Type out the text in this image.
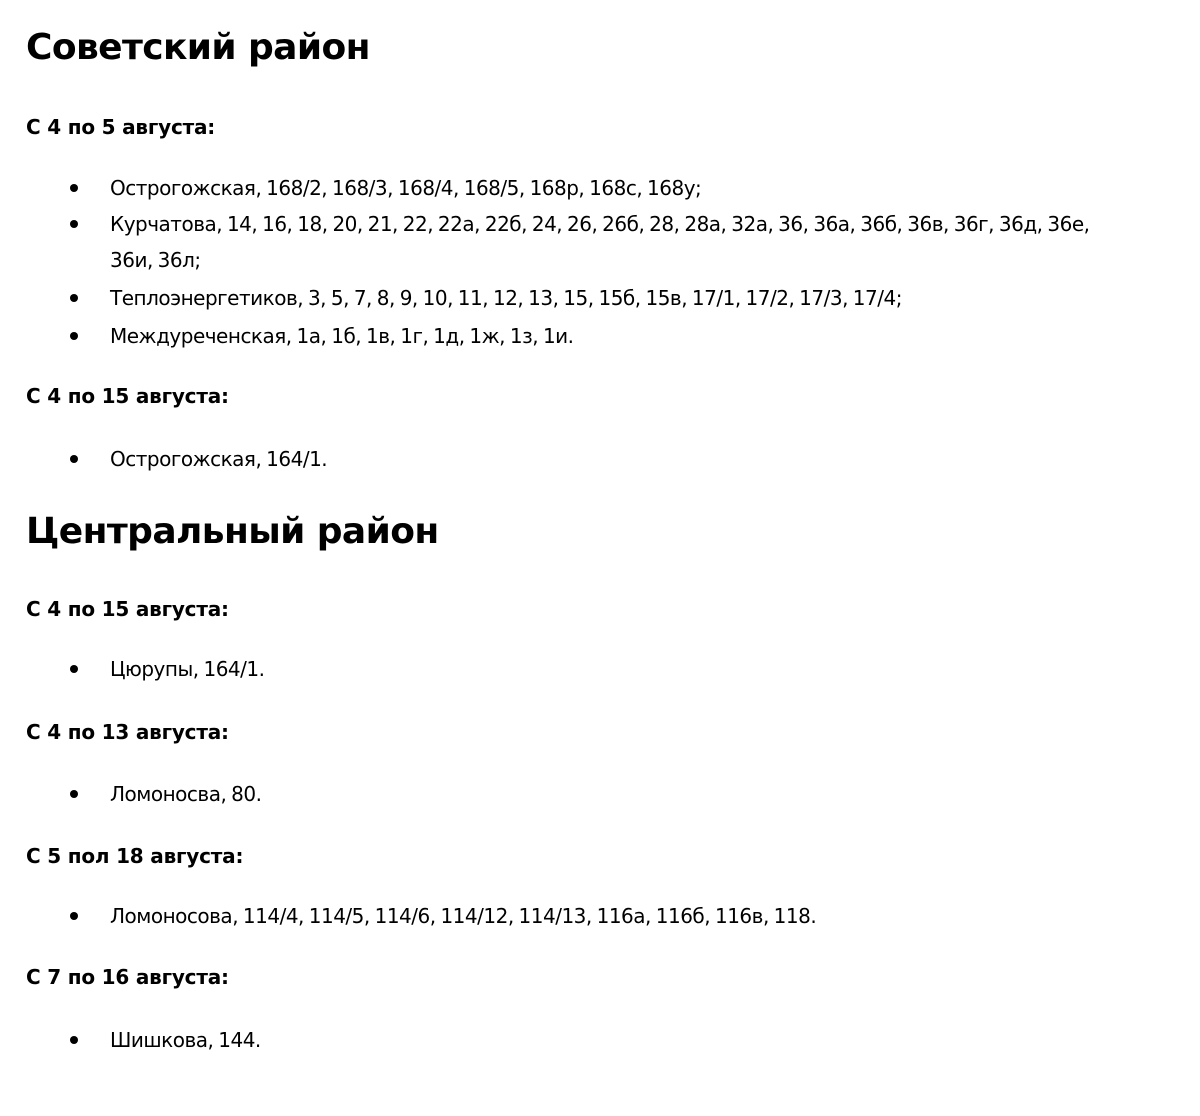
Советский район
С 4 по 5 августа:

Острогожская, 168/2, 168/3, 168/4, 168/5, 168р, 168с, 168у;

Курчатова, 14, 16, 18, 20, 21, 22, 22а, 22б, 24, 26, 26б, 28, 28а, 32а, 36, 36а, 36б, 36в, 36г, 36д, 36е, 36и, 36л;

Теплоэнергетиков, 3, 5, 7, 8, 9, 10, 11, 12, 13, 15, 15б, 15в, 17/1, 17/2, 17/3, 17/4;

Междуреченская, 1а, 1б, 1в, 1г, 1д, 1ж, 1з, 1и.

С 4 по 15 августа:

Острогожская, 164/1.

Центральный район
С 4 по 15 августа:

Цюрупы, 164/1.

С 4 по 13 августа:

Ломоносва, 80.

С 5 пол 18 августа:

Ломоносова, 114/4, 114/5, 114/6, 114/12, 114/13, 116а, 116б, 116в, 118.

С 7 по 16 августа:

Шишкова, 144.
